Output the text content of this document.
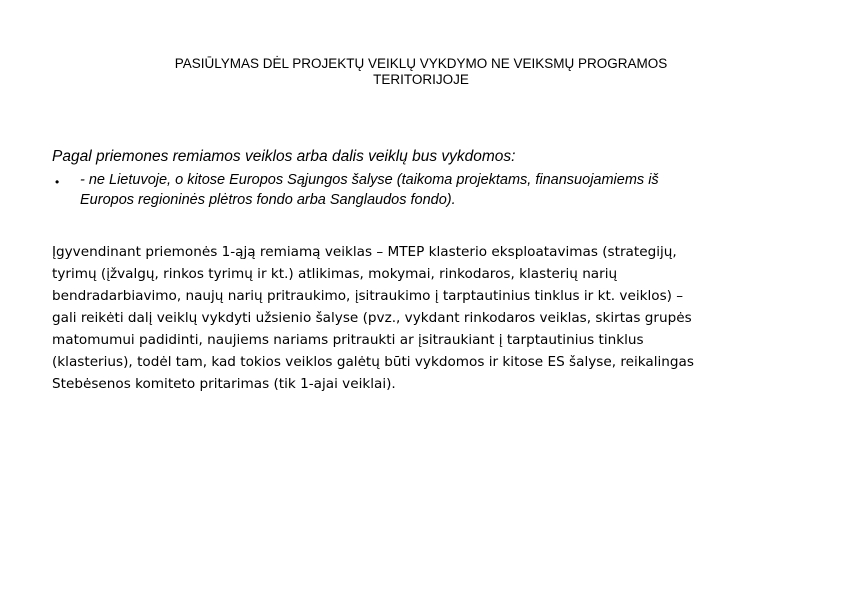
PASIŪLYMAS DĖL PROJEKTŲ VEIKLŲ VYKDYMO NE VEIKSMŲ PROGRAMOS
TERITORIJOJE
Pagal priemones remiamos veiklos arba dalis veiklų bus vykdomos:
• - ne Lietuvoje, o kitose Europos Sąjungos šalyse (taikoma projektams, finansuojamiems iš
Europos regioninės plėtros fondo arba Sanglaudos fondo).
Įgyvendinant priemonės 1-ąją remiamą veiklas – MTEP klasterio eksploatavimas (strategijų,
tyrimų (įžvalgų, rinkos tyrimų ir kt.) atlikimas, mokymai, rinkodaros, klasterių narių
bendradarbiavimo, naujų narių pritraukimo, įsitraukimo į tarptautinius tinklus ir kt. veiklos) –
gali reikėti dalį veiklų vykdyti užsienio šalyse (pvz., vykdant rinkodaros veiklas, skirtas grupės
matomumui padidinti, naujiems nariams pritraukti ar įsitraukiant į tarptautinius tinklus
(klasterius), todėl tam, kad tokios veiklos galėtų būti vykdomos ir kitose ES šalyse, reikalingas
Stebėsenos komiteto pritarimas (tik 1-ajai veiklai).
